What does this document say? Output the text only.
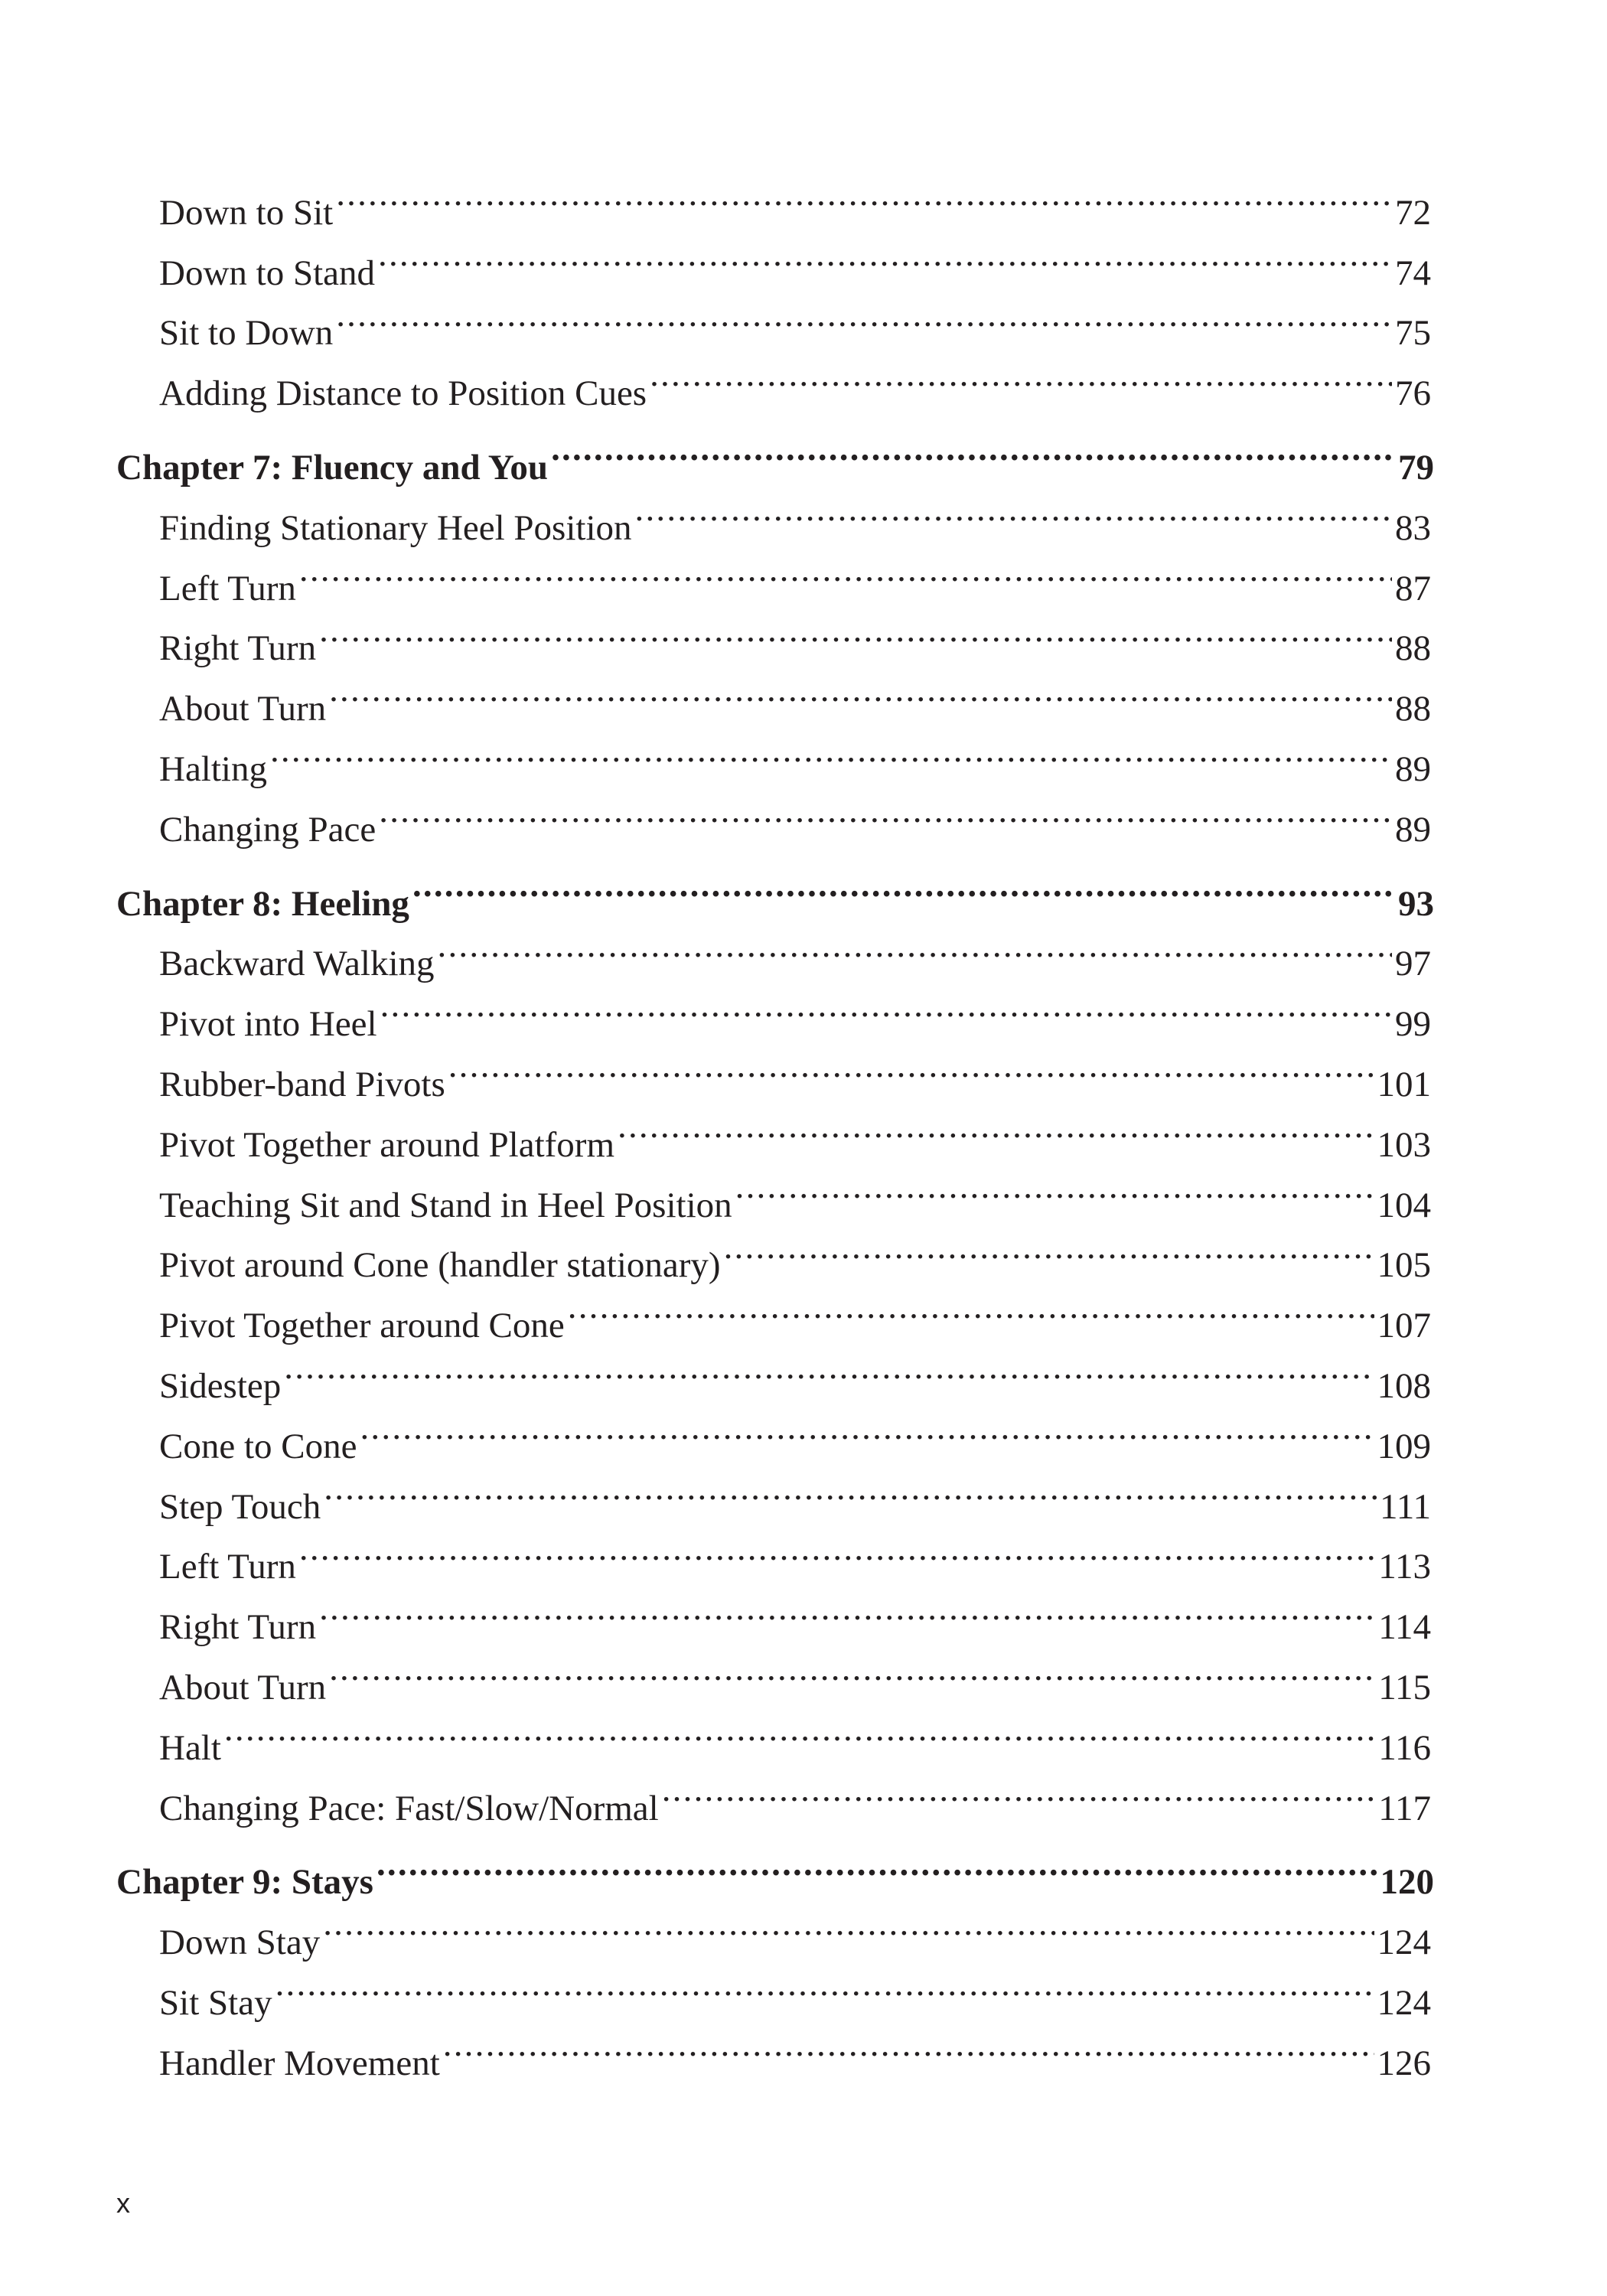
Down to Sit .....	72
Down to Stand .....	74
Sit to Down .....	75
Adding Distance to Position Cues .....	76
Chapter 7: Fluency and You .....	79
Finding Stationary Heel Position .....	83
Left Turn .....	87
Right Turn .....	88
About Turn .....	88
Halting .....	89
Changing Pace .....	89
Chapter 8: Heeling .....	93
Backward Walking .....	97
Pivot into Heel .....	99
Rubber-band Pivots .....	101
Pivot Together around Platform .....	103
Teaching Sit and Stand in Heel Position .....	104
Pivot around Cone (handler stationary) .....	105
Pivot Together around Cone .....	107
Sidestep .....	108
Cone to Cone .....	109
Step Touch .....	111
Left Turn .....	113
Right Turn .....	114
About Turn .....	115
Halt .....	116
Changing Pace: Fast/Slow/Normal .....	117
Chapter 9: Stays .....	120
Down Stay .....	124
Sit Stay .....	124
Handler Movement .....	126
x
